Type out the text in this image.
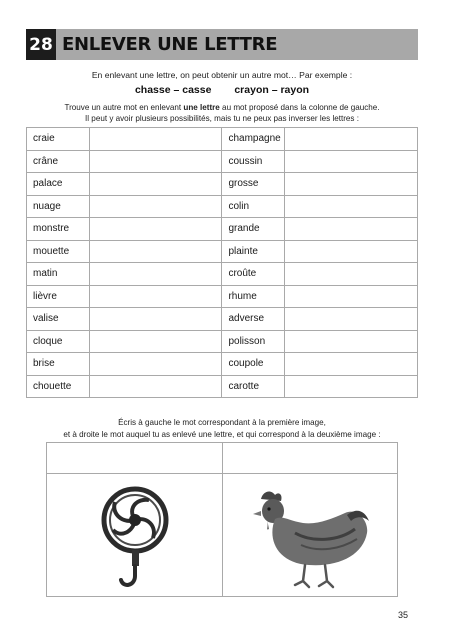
28 ENLEVER UNE LETTRE
En enlevant une lettre, on peut obtenir un autre mot… Par exemple :
chasse – casse crayon – rayon
Trouve un autre mot en enlevant une lettre au mot proposé dans la colonne de gauche.
Il peut y avoir plusieurs possibilités, mais tu ne peux pas inverser les lettres :
craie		champagne	
crâne		coussin	
palace		grosse	
nuage		colin	
monstre		grande	
mouette		plainte	
matin		croûte	
lièvre		rhume	
valise		adverse	
cloque		polisson	
brise		coupole	
chouette		carotte	
Écris à gauche le mot correspondant à la première image,
et à droite le mot auquel tu as enlevé une lettre, et qui correspond à la deuxième image :
35
